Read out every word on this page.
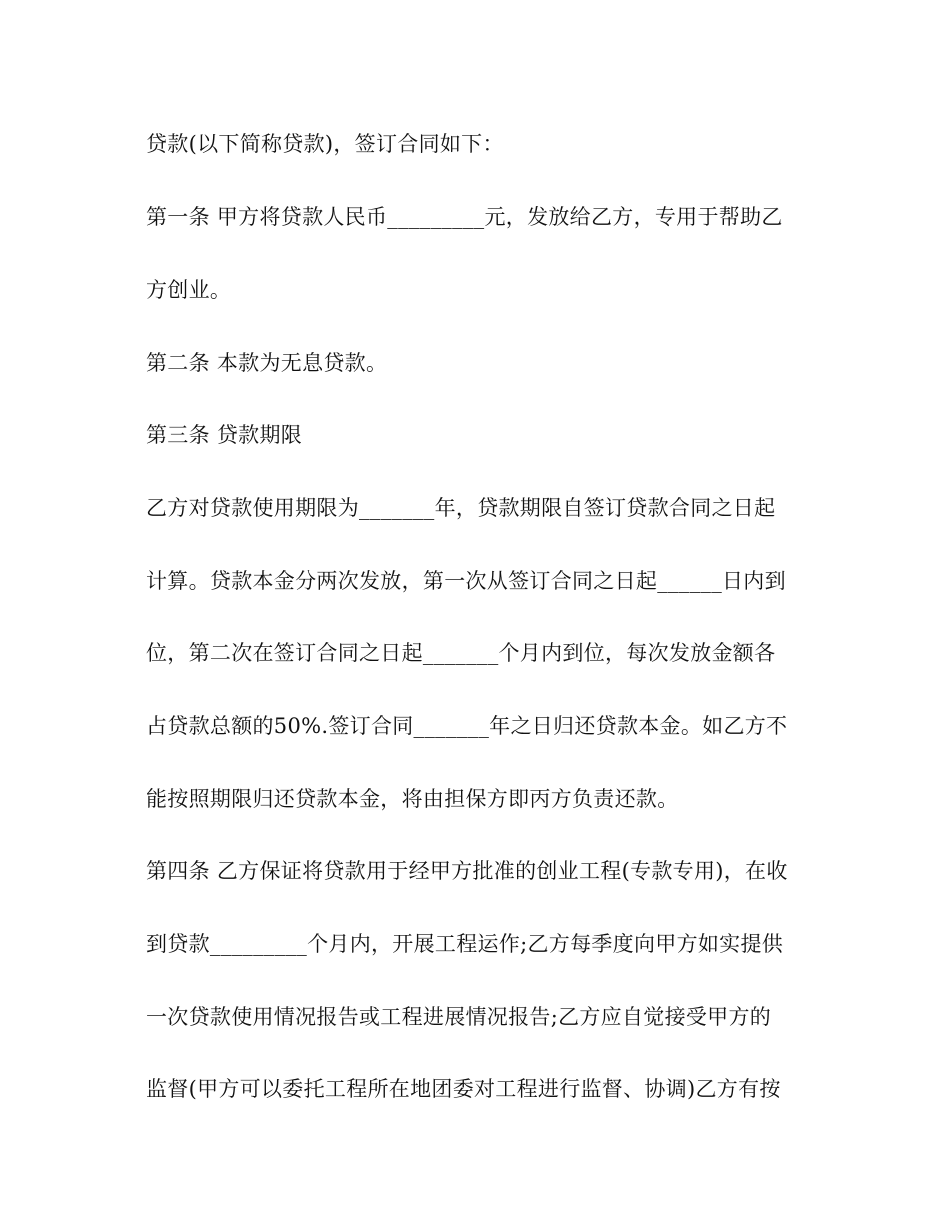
贷款(以下简称贷款)，签订合同如下：
第一条 甲方将贷款人民币_________元，发放给乙方，专用于帮助乙
方创业。
第二条 本款为无息贷款。
第三条 贷款期限
乙方对贷款使用期限为_______年，贷款期限自签订贷款合同之日起
计算。贷款本金分两次发放，第一次从签订合同之日起______日内到
位，第二次在签订合同之日起_______个月内到位，每次发放金额各
占贷款总额的50%.签订合同_______年之日归还贷款本金。如乙方不
能按照期限归还贷款本金，将由担保方即丙方负责还款。
第四条 乙方保证将贷款用于经甲方批准的创业工程(专款专用)，在收
到贷款_________个月内，开展工程运作;乙方每季度向甲方如实提供
一次贷款使用情况报告或工程进展情况报告;乙方应自觉接受甲方的
监督(甲方可以委托工程所在地团委对工程进行监督、协调)乙方有按
